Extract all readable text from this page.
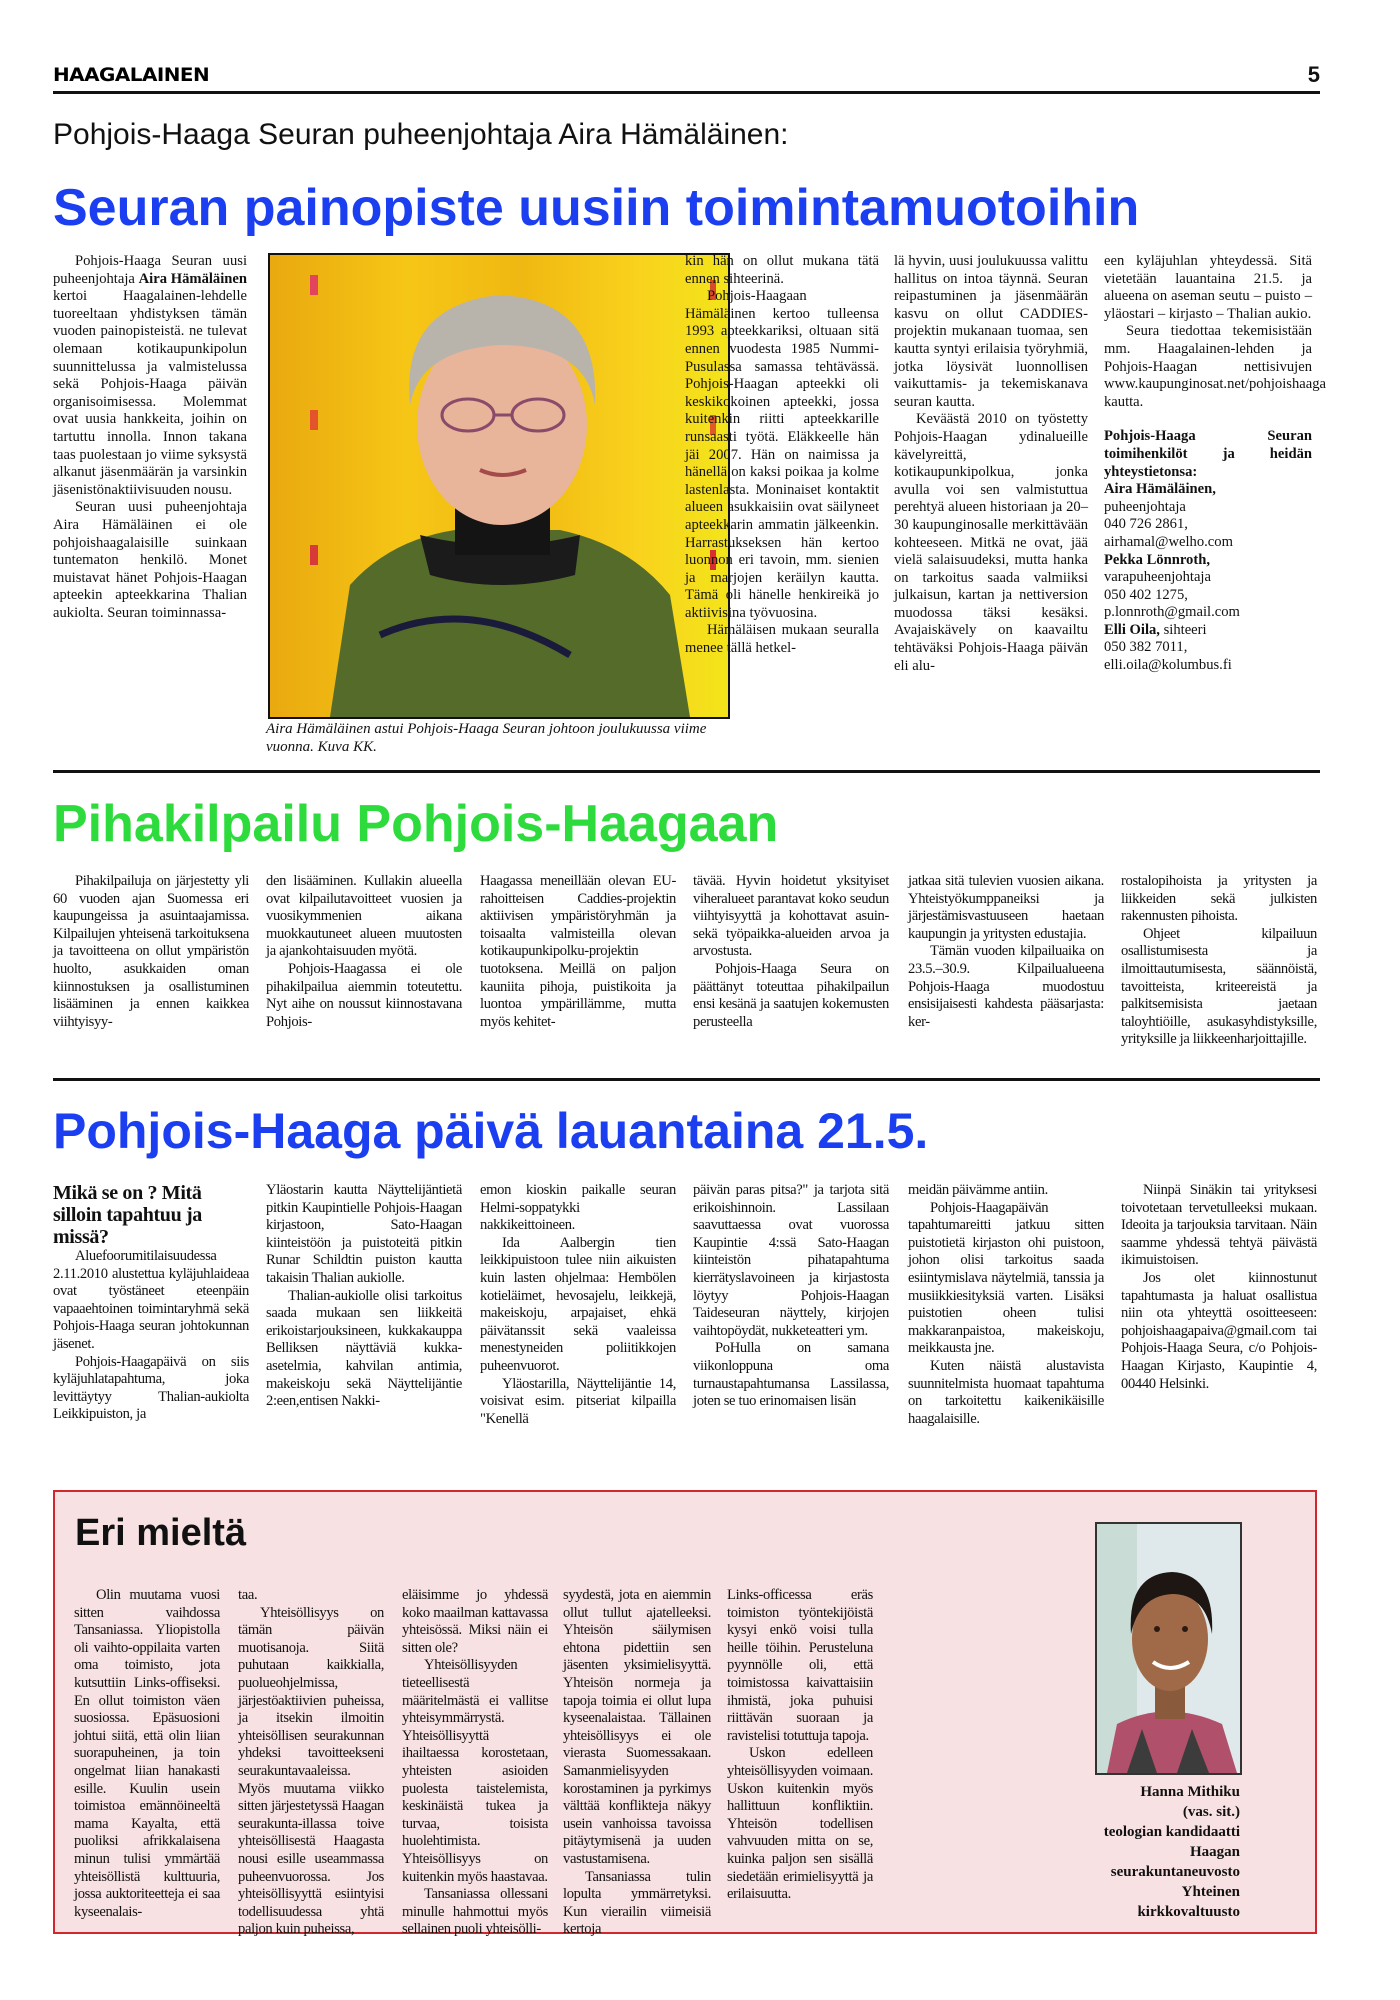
HAAGALAINEN	5
Pohjois-Haaga Seuran puheenjohtaja Aira Hämäläinen:
Seuran painopiste uusiin toimintamuotoihin

Pohjois-Haaga Seuran uusi puheenjohtaja Aira Hämäläinen kertoi Haagalainen-lehdelle tuoreeltaan yhdistyksen tämän vuoden painopisteistä. ne tulevat olemaan kotikaupunkipolun suunnittelussa ja valmistelussa sekä Pohjois-Haaga päivän organisoimisessa. Molemmat ovat uusia hankkeita, joihin on tartuttu innolla. Innon takana taas puolestaan jo viime syksystä alkanut jäsenmäärän ja varsinkin jäsenistönaktiivisuuden nousu.

Seuran uusi puheenjohtaja Aira Hämäläinen ei ole pohjoishaagalaisille suinkaan tuntematon henkilö. Monet muistavat hänet Pohjois-Haagan apteekin apteekkarina Thalian aukiolta. Seuran toiminnassa-

Aira Hämäläinen astui Pohjois-Haaga Seuran johtoon joulukuussa viime vuonna. Kuva KK.

kin hän on ollut mukana tätä ennen sihteerinä.

Pohjois-Haagaan Hämäläinen kertoo tulleensa 1993 apteekkariksi, oltuaan sitä ennen vuodesta 1985 Nummi-Pusulassa samassa tehtävässä. Pohjois-Haagan apteekki oli keskikokoinen apteekki, jossa kuitenkin riitti apteekkarille runsaasti työtä. Eläkkeelle hän jäi 2007. Hän on naimissa ja hänellä on kaksi poikaa ja kolme lastenlasta. Moninaiset kontaktit alueen asukkaisiin ovat säilyneet apteekkarin ammatin jälkeenkin. Harrastukseksen hän kertoo luonnon eri tavoin, mm. sienien ja marjojen keräilyn kautta. Tämä oli hänelle henkireikä jo aktiivisina työvuosina.

Hämäläisen mukaan seuralla menee tällä hetkel-

lä hyvin, uusi joulukuussa valittu hallitus on intoa täynnä. Seuran reipastuminen ja jäsenmäärän kasvu on ollut CADDIES-projektin mukanaan tuomaa, sen kautta syntyi erilaisia työryhmiä, jotka löysivät luonnollisen vaikuttamis- ja tekemiskanava seuran kautta.

Keväästä 2010 on työstetty Pohjois-Haagan ydinalueille kävelyreittä, kotikaupunkipolkua, jonka avulla voi sen valmistuttua perehtyä alueen historiaan ja 20–30 kaupunginosalle merkittävään kohteeseen. Mitkä ne ovat, jää vielä salaisuudeksi, mutta hanka on tarkoitus saada valmiiksi julkaisun, kartan ja nettiversion muodossa täksi kesäksi. Avajaiskävely on kaavailtu tehtäväksi Pohjois-Haaga päivän eli alu-

een kyläjuhlan yhteydessä. Sitä vietetään lauantaina 21.5. ja alueena on aseman seutu – puisto – yläostari – kirjasto – Thalian aukio.

Seura tiedottaa tekemisistään mm. Haagalainen-lehden ja Pohjois-Haagan nettisivujen www.kaupunginosat.net/pohjoishaaga kautta.

Pohjois-Haaga Seuran toimihenkilöt ja heidän yhteystietonsa:

Aira Hämäläinen,
puheenjohtaja
040 726 2861,
airhamal@welho.com
Pekka Lönnroth,
varapuheenjohtaja
050 402 1275,
p.lonnroth@gmail.com
Elli Oila, sihteeri
050 382 7011,
elli.oila@kolumbus.fi
Pihakilpailu Pohjois-Haagaan

Pihakilpailuja on järjestetty yli 60 vuoden ajan Suomessa eri kaupungeissa ja asuintaajamissa. Kilpailujen yhteisenä tarkoituksena ja tavoitteena on ollut ympäristön huolto, asukkaiden oman kiinnostuksen ja osallistuminen lisääminen ja ennen kaikkea viihtyisyy-

den lisääminen. Kullakin alueella ovat kilpailutavoitteet vuosien ja vuosikymmenien aikana muokkautuneet alueen muutosten ja ajankohtaisuuden myötä.

Pohjois-Haagassa ei ole pihakilpailua aiemmin toteutettu. Nyt aihe on noussut kiinnostavana Pohjois-

Haagassa meneillään olevan EU-rahoitteisen Caddies-projektin aktiivisen ympäristöryhmän ja toisaalta valmisteilla olevan kotikaupunkipolku-projektin tuotoksena. Meillä on paljon kauniita pihoja, puistikoita ja luontoa ympärillämme, mutta myös kehitet-

tävää. Hyvin hoidetut yksityiset viheralueet parantavat koko seudun viihtyisyyttä ja kohottavat asuin- sekä työpaikka-alueiden arvoa ja arvostusta.

Pohjois-Haaga Seura on päättänyt toteuttaa pihakilpailun ensi kesänä ja saatujen kokemusten perusteella

jatkaa sitä tulevien vuosien aikana. Yhteistyökumppaneiksi ja järjestämisvastuuseen haetaan kaupungin ja yritysten edustajia.

Tämän vuoden kilpailuaika on 23.5.–30.9. Kilpailualueena Pohjois-Haaga muodostuu ensisijaisesti kahdesta pääsarjasta: ker-

rostalopihoista ja yritysten ja liikkeiden sekä julkisten rakennusten pihoista.

Ohjeet kilpailuun osallistumisesta ja ilmoittautumisesta, säännöistä, tavoitteista, kriteereistä ja palkitsemisista jaetaan taloyhtiöille, asukasyhdistyksille, yrityksille ja liikkeenharjoittajille.

Pohjois-Haaga päivä lauantaina 21.5.

Mikä se on ? Mitä silloin tapahtuu ja missä?

Aluefoorumitilaisuudessa 2.11.2010 alustettua kyläjuhlaideaa ovat työstäneet eteenpäin vapaaehtoinen toimintaryhmä sekä Pohjois-Haaga seuran johtokunnan jäsenet.

Pohjois-Haagapäivä on siis kyläjuhlatapahtuma, joka levittäytyy Thalian-aukiolta Leikkipuiston, ja

Yläostarin kautta Näyttelijäntietä pitkin Kaupintielle Pohjois-Haagan kirjastoon, Sato-Haagan kiinteistöön ja puistoteitä pitkin Runar Schildtin puiston kautta takaisin Thalian aukiolle.

Thalian-aukiolle olisi tarkoitus saada mukaan sen liikkeitä erikoistarjouksineen, kukkakauppa Belliksen näyttäviä kukka-asetelmia, kahvilan antimia, makeiskoju sekä Näyttelijäntie 2:een,entisen Nakki-

emon kioskin paikalle seuran Helmi-soppatykki nakkikeittoineen.

Ida Aalbergin tien leikkipuistoon tulee niin aikuisten kuin lasten ohjelmaa: Hembölen kotieläimet, hevosajelu, leikkejä, makeiskoju, arpajaiset, ehkä päivätanssit sekä vaaleissa menestyneiden poliitikkojen puheenvuorot.

Yläostarilla, Näyttelijäntie 14, voisivat esim. pitseriat kilpailla "Kenellä

päivän paras pitsa?" ja tarjota sitä erikoishinnoin. Lassilaan saavuttaessa ovat vuorossa Kaupintie 4:ssä Sato-Haagan kiinteistön pihatapahtuma kierrätyslavoineen ja kirjastosta löytyy Pohjois-Haagan Taideseuran näyttely, kirjojen vaihtopöydät, nukketeatteri ym.

PoHulla on samana viikonloppuna oma turnaustapahtumansa Lassilassa, joten se tuo erinomaisen lisän

meidän päivämme antiin.

Pohjois-Haagapäivän tapahtumareitti jatkuu sitten puistotietä kirjaston ohi puistoon, johon olisi tarkoitus saada esiintymislava näytelmiä, tanssia ja musiikkiesityksiä varten. Lisäksi puistotien oheen tulisi makkaranpaistoa, makeiskoju, meikkausta jne.

Kuten näistä alustavista suunnitelmista huomaat tapahtuma on tarkoitettu kaikenikäisille haagalaisille.

Niinpä Sinäkin tai yrityksesi toivotetaan tervetulleeksi mukaan. Ideoita ja tarjouksia tarvitaan. Näin saamme yhdessä tehtyä päivästä ikimuistoisen.

Jos olet kiinnostunut tapahtumasta ja haluat osallistua niin ota yhteyttä osoitteeseen: pohjoishaagapaiva@gmail.com tai Pohjois-Haaga Seura, c/o Pohjois-Haagan Kirjasto, Kaupintie 4, 00440 Helsinki.

Eri mieltä

Olin muutama vuosi sitten vaihdossa Tansaniassa. Yliopistolla oli vaihto-oppilaita varten oma toimisto, jota kutsuttiin Links-offiseksi. En ollut toimiston väen suosiossa. Epäsuosioni johtui siitä, että olin liian suorapuheinen, ja toin ongelmat liian hanakasti esille. Kuulin usein toimistoa emännöineeltä mama Kayalta, että puoliksi afrikkalaisena minun tulisi ymmärtää yhteisöllistä kulttuuria, jossa auktoriteetteja ei saa kyseenalais-

taa.

Yhteisöllisyys on tämän päivän muotisanoja. Siitä puhutaan kaikkialla, puolueohjelmissa, järjestöaktiivien puheissa, ja itsekin ilmoitin yhteisöllisen seurakunnan yhdeksi tavoitteekseni seurakuntavaaleissa. Myös muutama viikko sitten järjestetyssä Haagan seurakunta-illassa toive yhteisöllisestä Haagasta nousi esille useammassa puheenvuorossa. Jos yhteisöllisyyttä esiintyisi todellisuudessa yhtä paljon kuin puheissa,

eläisimme jo yhdessä koko maailman kattavassa yhteisössä. Miksi näin ei sitten ole?

Yhteisöllisyyden tieteellisestä määritelmästä ei vallitse yhteisymmärrystä. Yhteisöllisyyttä ihailtaessa korostetaan, yhteisten asioiden puolesta taistelemista, keskinäistä tukea ja turvaa, toisista huolehtimista. Yhteisöllisyys on kuitenkin myös haastavaa.

Tansaniassa ollessani minulle hahmottui myös sellainen puoli yhteisölli-

syydestä, jota en aiemmin ollut tullut ajatelleeksi. Yhteisön säilymisen ehtona pidettiin sen jäsenten yksimielisyyttä. Yhteisön normeja ja tapoja toimia ei ollut lupa kyseenalaistaa. Tällainen yhteisöllisyys ei ole vierasta Suomessakaan. Samanmielisyyden korostaminen ja pyrkimys välttää konflikteja näkyy usein vanhoissa tavoissa pitäytymisenä ja uuden vastustamisena.

Tansaniassa tulin lopulta ymmärretyksi. Kun vierailin viimeisiä kertoja

Links-officessa eräs toimiston työntekijöistä kysyi enkö voisi tulla heille töihin. Perusteluna pyynnölle oli, että toimistossa kaivattaisiin ihmistä, joka puhuisi riittävän suoraan ja ravistelisi totuttuja tapoja.

Uskon edelleen yhteisöllisyyden voimaan. Uskon kuitenkin myös hallittuun konfliktiin. Yhteisön todellisen vahvuuden mitta on se, kuinka paljon sen sisällä siedetään erimielisyyttä ja erilaisuutta.

Hanna Mithiku
(vas. sit.)
teologian kandidaatti
Haagan
seurakuntaneuvosto
Yhteinen
kirkkovaltuusto
